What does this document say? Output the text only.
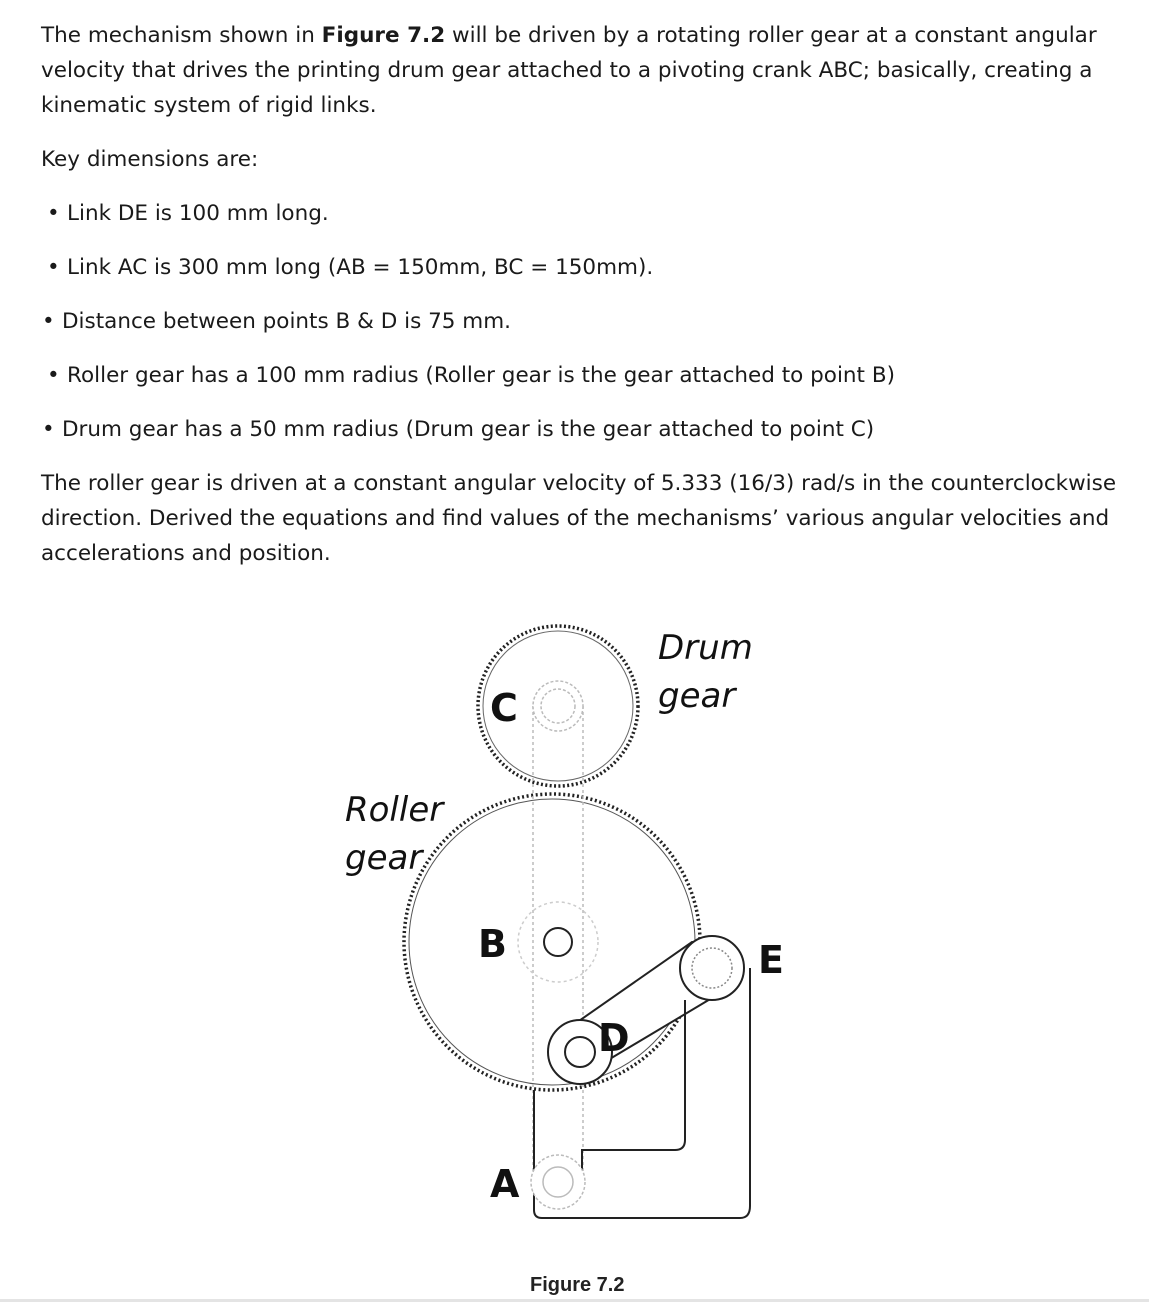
The mechanism shown in Figure 7.2 will be driven by a rotating roller gear at a constant angular velocity that drives the printing drum gear attached to a pivoting crank ABC; basically, creating a kinematic system of rigid links.
Key dimensions are:
• Link DE is 100 mm long.
• Link AC is 300 mm long (AB = 150mm, BC = 150mm).
• Distance between points B & D is 75 mm.
• Roller gear has a 100 mm radius (Roller gear is the gear attached to point B)
• Drum gear has a 50 mm radius (Drum gear is the gear attached to point C)
The roller gear is driven at a constant angular velocity of 5.333 (16/3) rad/s in the counterclockwise direction. Derived the equations and find values of the mechanisms’ various angular velocities and accelerations and position.
Drum
gear
Roller
gear
C
B
D
E
A
Figure 7.2
